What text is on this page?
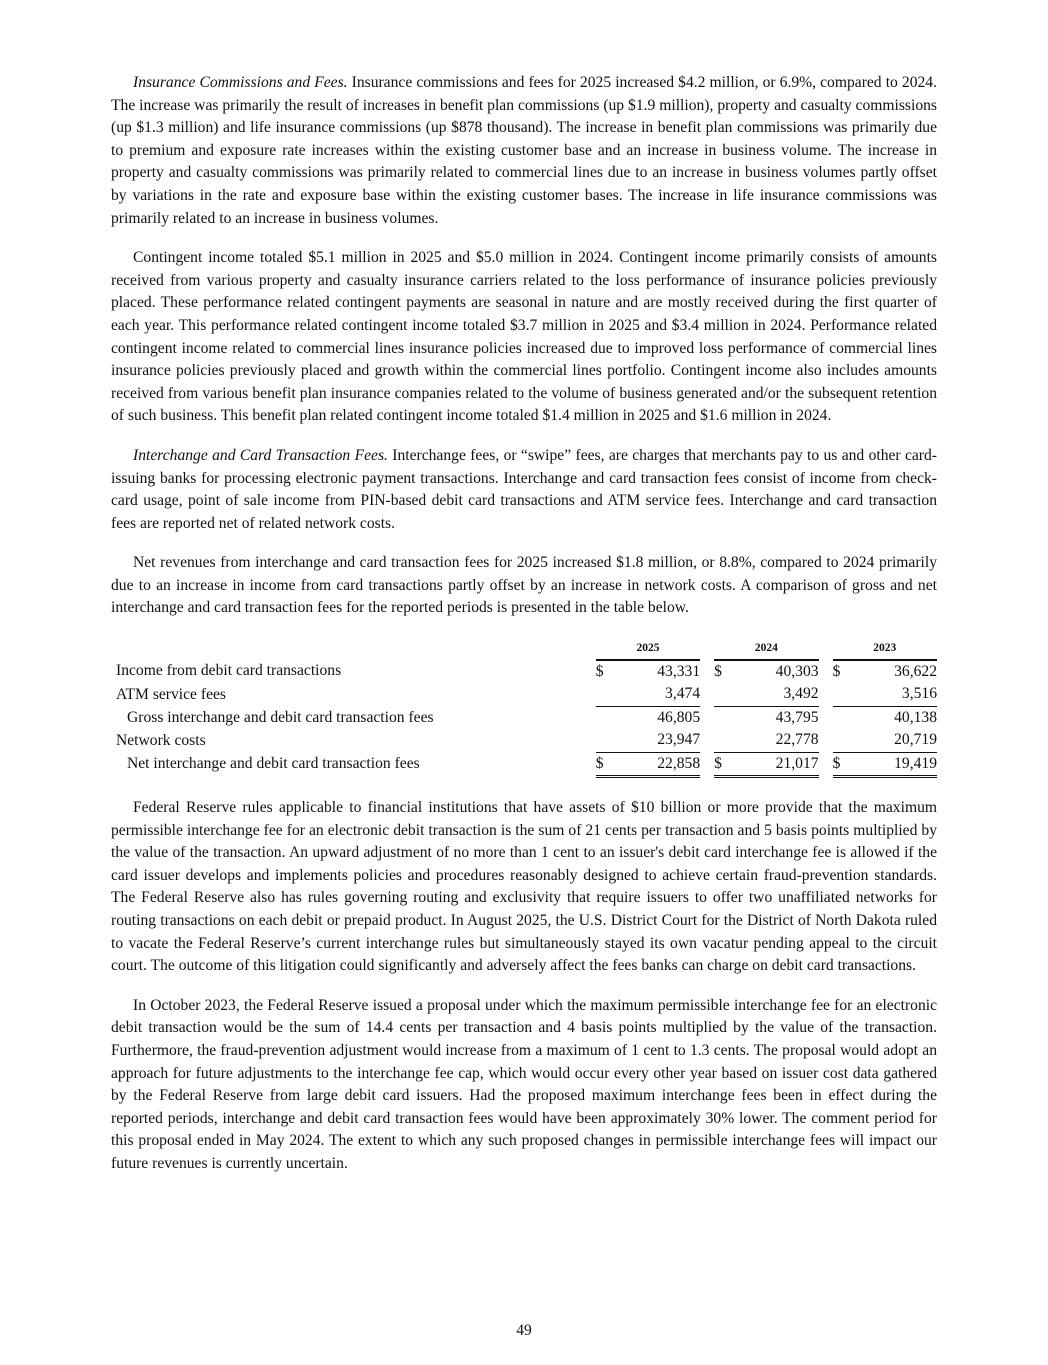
Insurance Commissions and Fees. Insurance commissions and fees for 2025 increased $4.2 million, or 6.9%, compared to 2024. The increase was primarily the result of increases in benefit plan commissions (up $1.9 million), property and casualty commissions (up $1.3 million) and life insurance commissions (up $878 thousand). The increase in benefit plan commissions was primarily due to premium and exposure rate increases within the existing customer base and an increase in business volume. The increase in property and casualty commissions was primarily related to commercial lines due to an increase in business volumes partly offset by variations in the rate and exposure base within the existing customer bases. The increase in life insurance commissions was primarily related to an increase in business volumes.

Contingent income totaled $5.1 million in 2025 and $5.0 million in 2024. Contingent income primarily consists of amounts received from various property and casualty insurance carriers related to the loss performance of insurance policies previously placed. These performance related contingent payments are seasonal in nature and are mostly received during the first quarter of each year. This performance related contingent income totaled $3.7 million in 2025 and $3.4 million in 2024. Performance related contingent income related to commercial lines insurance policies increased due to improved loss performance of commercial lines insurance policies previously placed and growth within the commercial lines portfolio. Contingent income also includes amounts received from various benefit plan insurance companies related to the volume of business generated and/or the subsequent retention of such business. This benefit plan related contingent income totaled $1.4 million in 2025 and $1.6 million in 2024.

Interchange and Card Transaction Fees. Interchange fees, or “swipe” fees, are charges that merchants pay to us and other card-issuing banks for processing electronic payment transactions. Interchange and card transaction fees consist of income from check-card usage, point of sale income from PIN-based debit card transactions and ATM service fees. Interchange and card transaction fees are reported net of related network costs.

Net revenues from interchange and card transaction fees for 2025 increased $1.8 million, or 8.8%, compared to 2024 primarily due to an increase in income from card transactions partly offset by an increase in network costs. A comparison of gross and net interchange and card transaction fees for the reported periods is presented in the table below.

	2025			2024			2023	
Income from debit card transactions	$	43,331		$	40,303		$	36,622
ATM service fees		3,474			3,492			3,516
Gross interchange and debit card transaction fees		46,805			43,795			40,138
Network costs		23,947			22,778			20,719
Net interchange and debit card transaction fees	$	22,858		$	21,017		$	19,419

Federal Reserve rules applicable to financial institutions that have assets of $10 billion or more provide that the maximum permissible interchange fee for an electronic debit transaction is the sum of 21 cents per transaction and 5 basis points multiplied by the value of the transaction. An upward adjustment of no more than 1 cent to an issuer's debit card interchange fee is allowed if the card issuer develops and implements policies and procedures reasonably designed to achieve certain fraud-prevention standards. The Federal Reserve also has rules governing routing and exclusivity that require issuers to offer two unaffiliated networks for routing transactions on each debit or prepaid product. In August 2025, the U.S. District Court for the District of North Dakota ruled to vacate the Federal Reserve’s current interchange rules but simultaneously stayed its own vacatur pending appeal to the circuit court. The outcome of this litigation could significantly and adversely affect the fees banks can charge on debit card transactions.

In October 2023, the Federal Reserve issued a proposal under which the maximum permissible interchange fee for an electronic debit transaction would be the sum of 14.4 cents per transaction and 4 basis points multiplied by the value of the transaction. Furthermore, the fraud-prevention adjustment would increase from a maximum of 1 cent to 1.3 cents. The proposal would adopt an approach for future adjustments to the interchange fee cap, which would occur every other year based on issuer cost data gathered by the Federal Reserve from large debit card issuers. Had the proposed maximum interchange fees been in effect during the reported periods, interchange and debit card transaction fees would have been approximately 30% lower. The comment period for this proposal ended in May 2024. The extent to which any such proposed changes in permissible interchange fees will impact our future revenues is currently uncertain.

49
